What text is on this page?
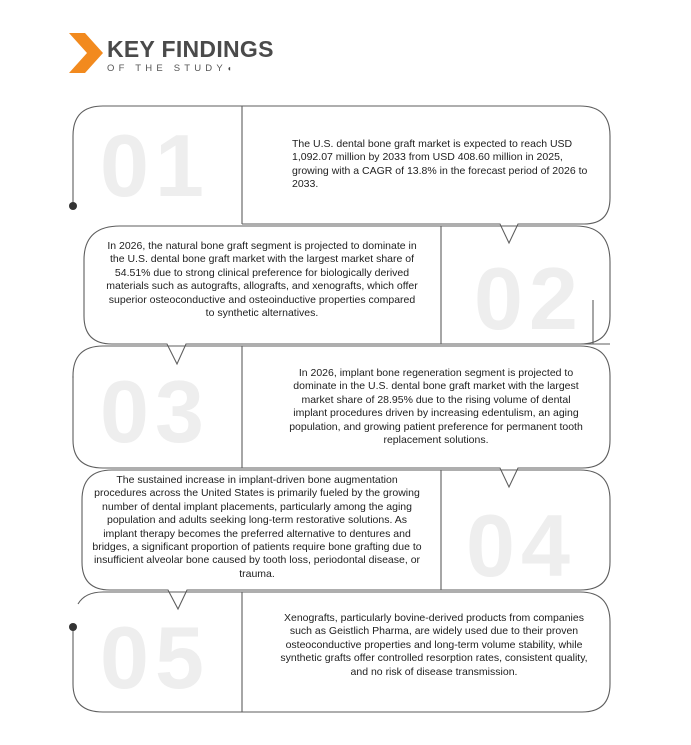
KEY FINDINGS
OF THE STUDY◖
01
02
03
04
05
The U.S. dental bone graft market is expected to reach USD 1,092.07 million by 2033 from USD 408.60 million in 2025, growing with a CAGR of 13.8% in the forecast period of 2026 to 2033.
In 2026, the natural bone graft segment is projected to dominate in the U.S. dental bone graft market with the largest market share of 54.51% due to strong clinical preference for biologically derived materials such as autografts, allografts, and xenografts, which offer superior osteoconductive and osteoinductive properties compared to synthetic alternatives.
In 2026, implant bone regeneration segment is projected to dominate in the U.S. dental bone graft market with the largest market share of 28.95% due to the rising volume of dental implant procedures driven by increasing edentulism, an aging population, and growing patient preference for permanent tooth replacement solutions.
The sustained increase in implant-driven bone augmentation procedures across the United States is primarily fueled by the growing number of dental implant placements, particularly among the aging population and adults seeking long-term restorative solutions. As implant therapy becomes the preferred alternative to dentures and bridges, a significant proportion of patients require bone grafting due to insufficient alveolar bone caused by tooth loss, periodontal disease, or trauma.
Xenografts, particularly bovine-derived products from companies such as Geistlich Pharma, are widely used due to their proven osteoconductive properties and long-term volume stability, while synthetic grafts offer controlled resorption rates, consistent quality, and no risk of disease transmission.
